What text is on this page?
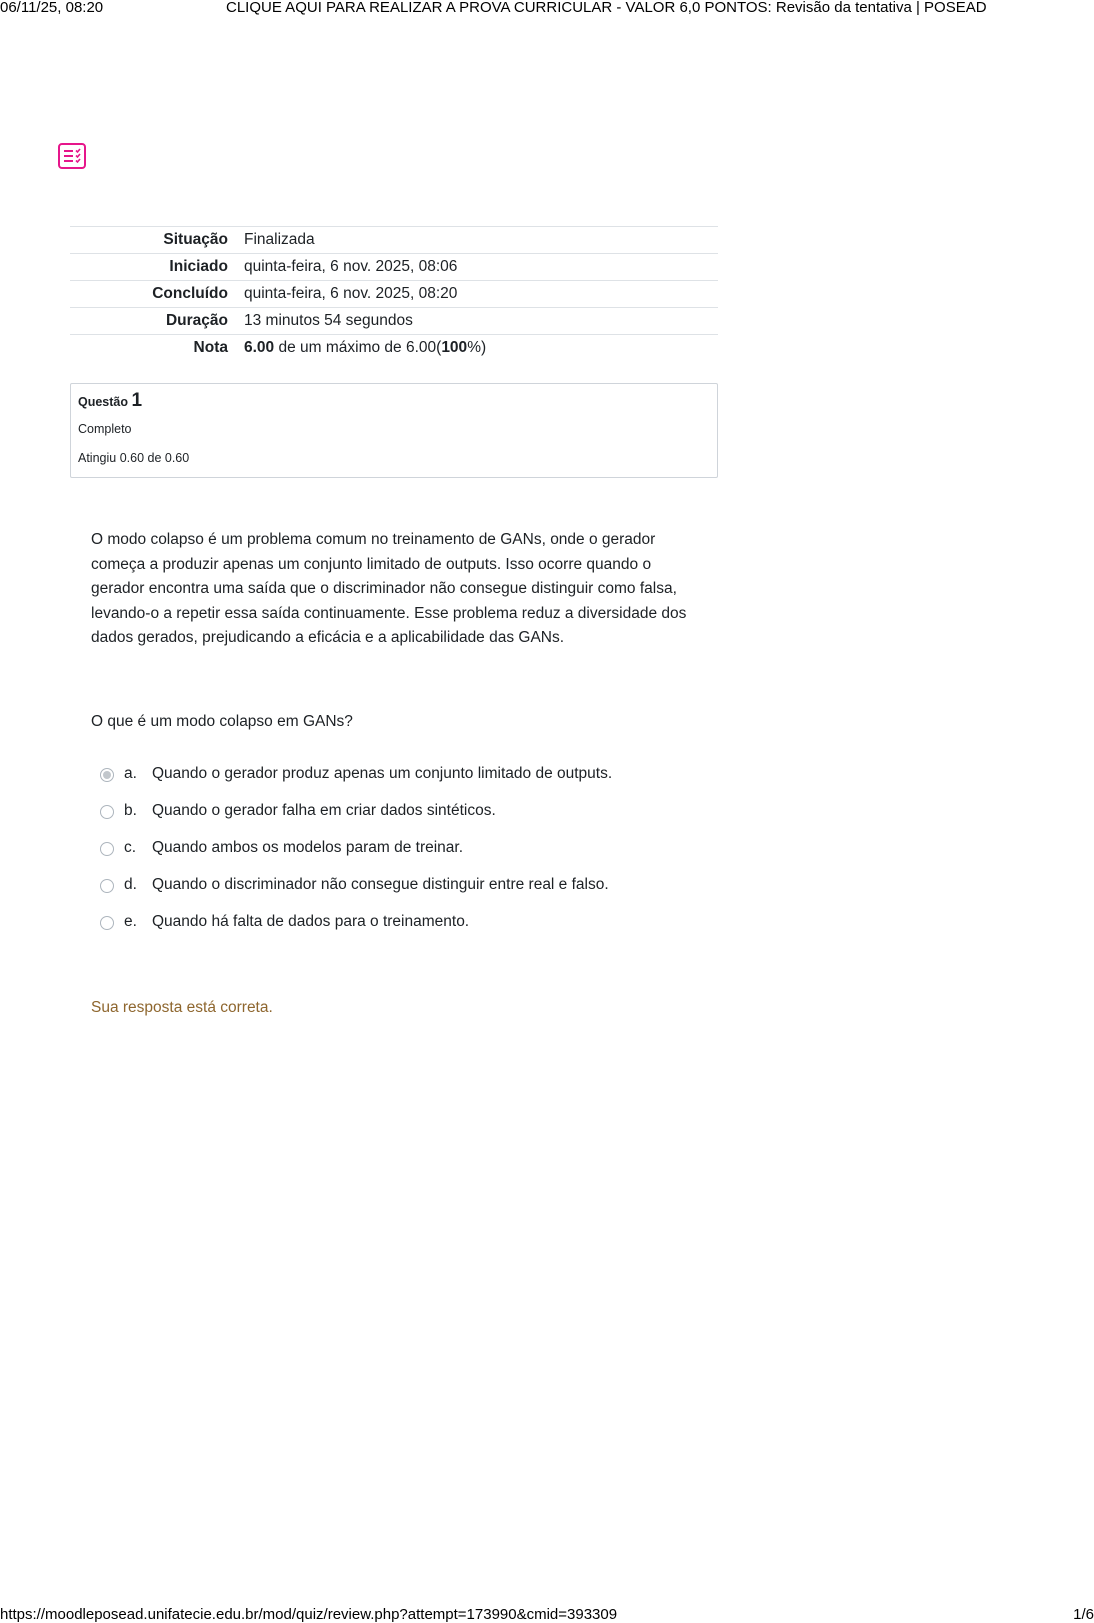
06/11/25, 08:20	CLIQUE AQUI PARA REALIZAR A PROVA CURRICULAR - VALOR 6,0 PONTOS: Revisão da tentativa | POSEAD
Situação	Finalizada
Iniciado	quinta-feira, 6 nov. 2025, 08:06
Concluído	quinta-feira, 6 nov. 2025, 08:20
Duração	13 minutos 54 segundos
Nota	6.00 de um máximo de 6.00(100%)
Questão 1
Completo
Atingiu 0.60 de 0.60
O modo colapso é um problema comum no treinamento de GANs, onde o gerador começa a produzir apenas um conjunto limitado de outputs. Isso ocorre quando o gerador encontra uma saída que o discriminador não consegue distinguir como falsa, levando-o a repetir essa saída continuamente. Esse problema reduz a diversidade dos dados gerados, prejudicando a eficácia e a aplicabilidade das GANs.
O que é um modo colapso em GANs?
a. Quando o gerador produz apenas um conjunto limitado de outputs.
b. Quando o gerador falha em criar dados sintéticos.
c. Quando ambos os modelos param de treinar.
d. Quando o discriminador não consegue distinguir entre real e falso.
e. Quando há falta de dados para o treinamento.
Sua resposta está correta.
https://moodleposead.unifatecie.edu.br/mod/quiz/review.php?attempt=173990&cmid=393309	1/6
